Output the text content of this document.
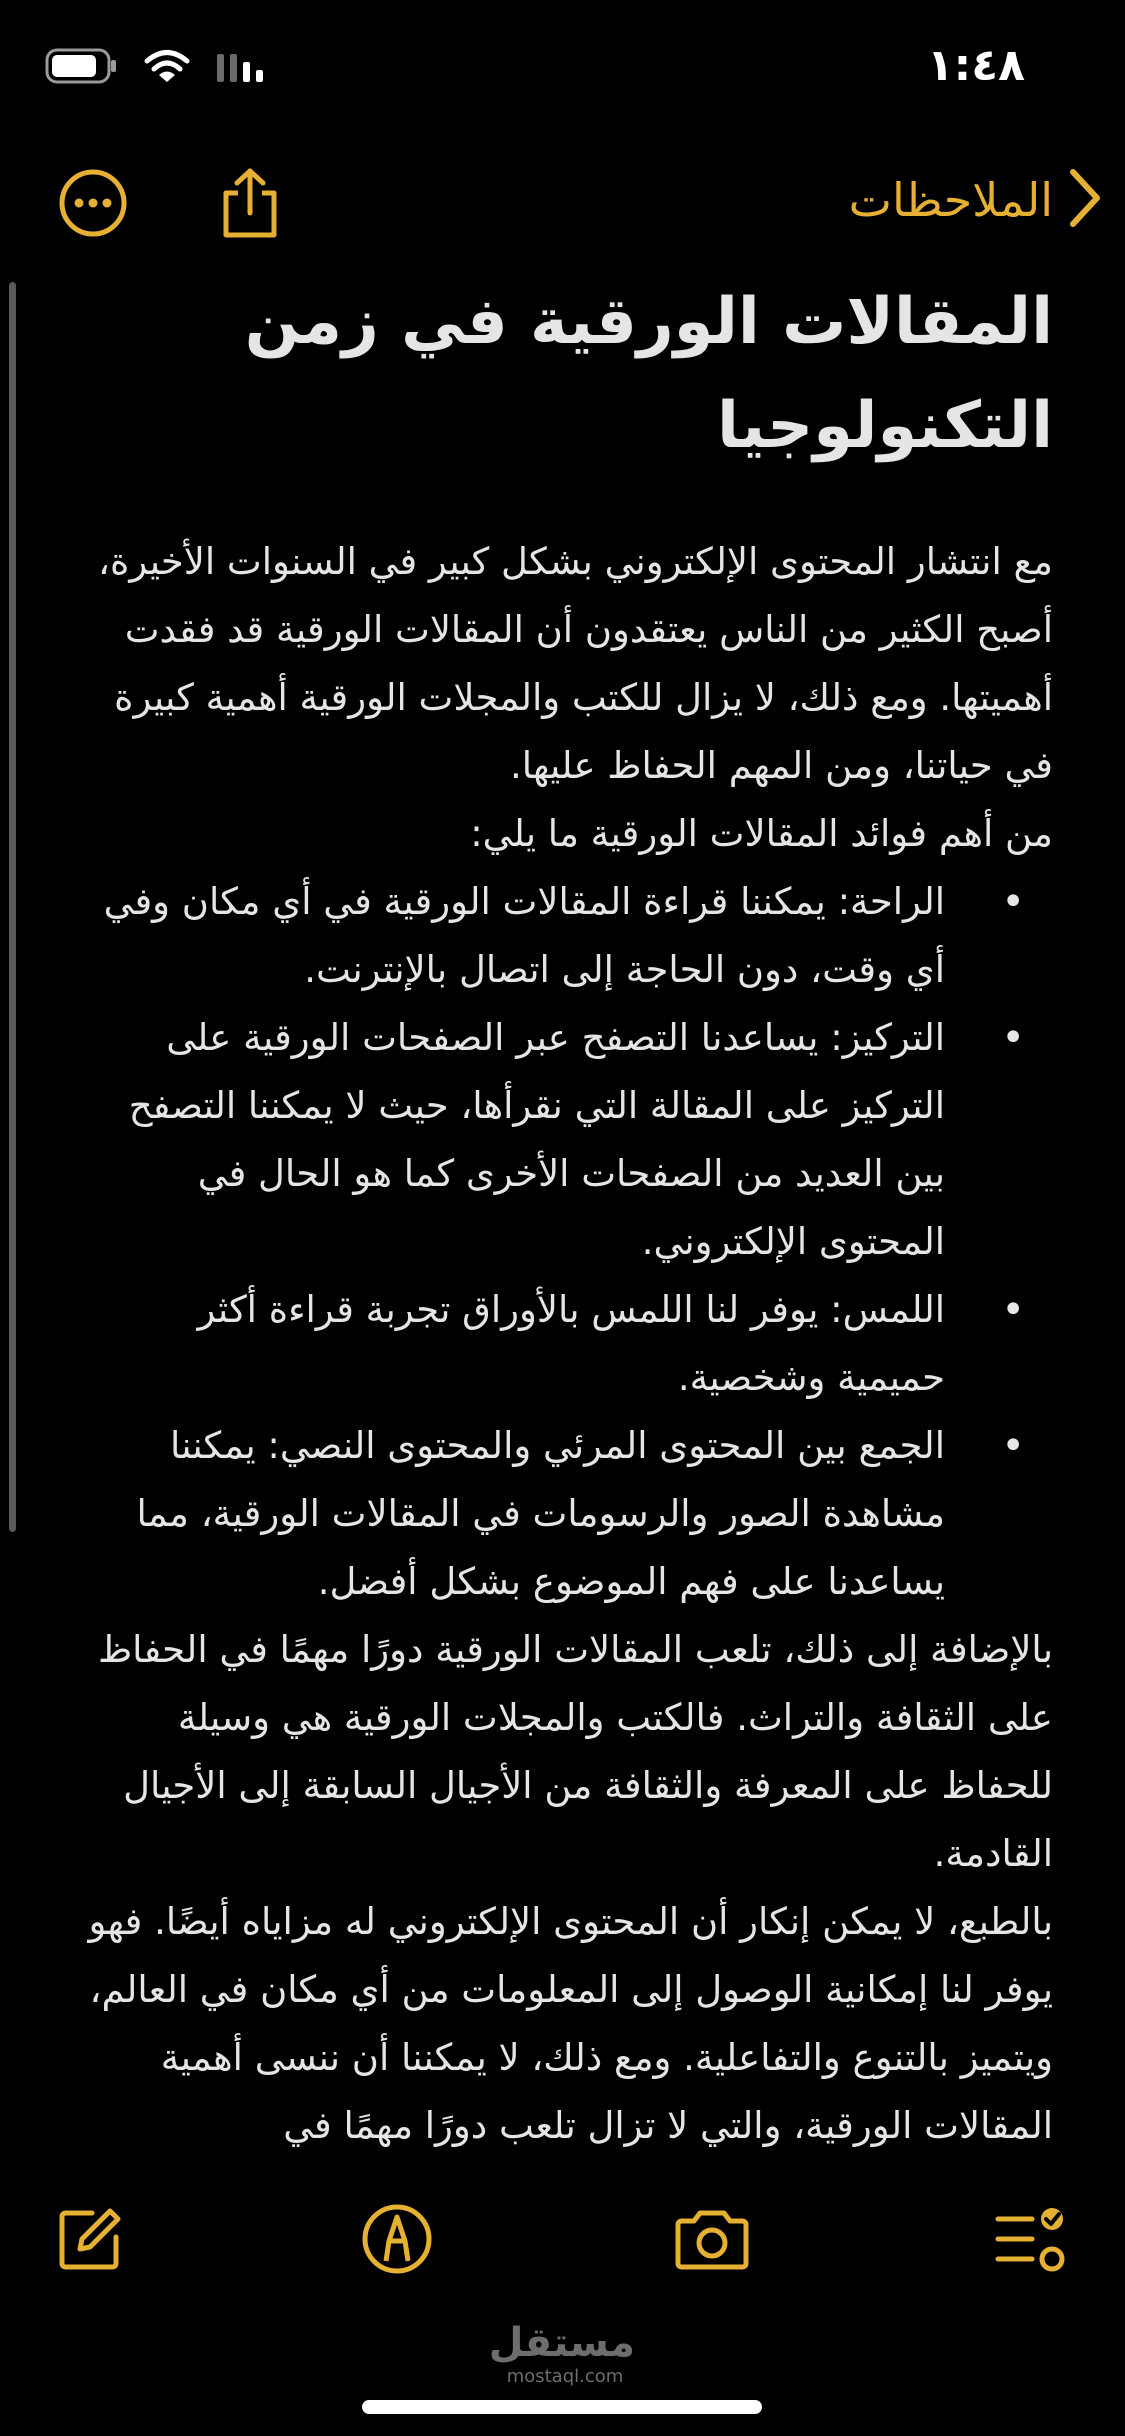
١:٤٨
الملاحظات
المقالات الورقية في زمن التكنولوجيا

مع انتشار المحتوى الإلكتروني بشكل كبير في السنوات الأخيرة، أصبح الكثير من الناس يعتقدون أن المقالات الورقية قد فقدت أهميتها. ومع ذلك، لا يزال للكتب والمجلات الورقية أهمية كبيرة في حياتنا، ومن المهم الحفاظ عليها.

من أهم فوائد المقالات الورقية ما يلي:

• الراحة: يمكننا قراءة المقالات الورقية في أي مكان وفي أي وقت، دون الحاجة إلى اتصال بالإنترنت.
• التركيز: يساعدنا التصفح عبر الصفحات الورقية على التركيز على المقالة التي نقرأها، حيث لا يمكننا التصفح بين العديد من الصفحات الأخرى كما هو الحال في المحتوى الإلكتروني.
• اللمس: يوفر لنا اللمس بالأوراق تجربة قراءة أكثر حميمية وشخصية.
• الجمع بين المحتوى المرئي والمحتوى النصي: يمكننا مشاهدة الصور والرسومات في المقالات الورقية، مما يساعدنا على فهم الموضوع بشكل أفضل.

بالإضافة إلى ذلك، تلعب المقالات الورقية دورًا مهمًا في الحفاظ على الثقافة والتراث. فالكتب والمجلات الورقية هي وسيلة للحفاظ على المعرفة والثقافة من الأجيال السابقة إلى الأجيال القادمة.

بالطبع، لا يمكن إنكار أن المحتوى الإلكتروني له مزاياه أيضًا. فهو يوفر لنا إمكانية الوصول إلى المعلومات من أي مكان في العالم، ويتميز بالتنوع والتفاعلية. ومع ذلك، لا يمكننا أن ننسى أهمية المقالات الورقية، والتي لا تزال تلعب دورًا مهمًا في

مستقل
mostaql.com
